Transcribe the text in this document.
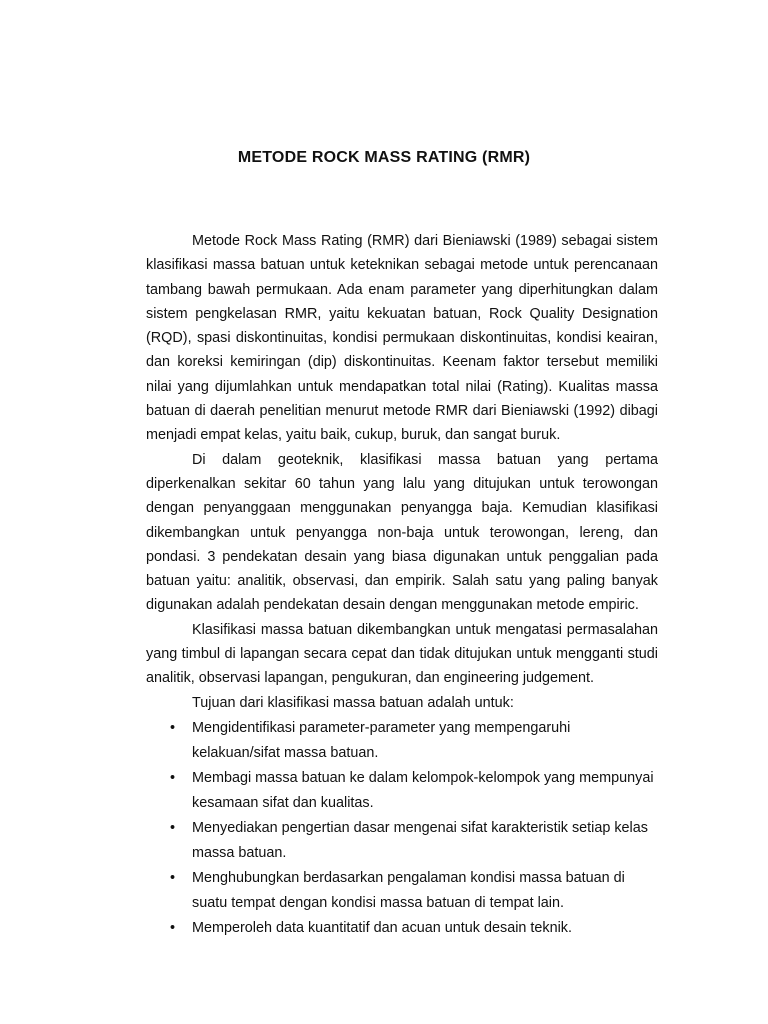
METODE ROCK MASS RATING (RMR)

Metode Rock Mass Rating (RMR) dari Bieniawski (1989) sebagai sistem klasifikasi massa batuan untuk keteknikan sebagai metode untuk perencanaan tambang bawah permukaan. Ada enam parameter yang diperhitungkan dalam sistem pengkelasan RMR, yaitu kekuatan batuan, Rock Quality Designation (RQD), spasi diskontinuitas, kondisi permukaan diskontinuitas, kondisi keairan, dan koreksi kemiringan (dip) diskontinuitas. Keenam faktor tersebut memiliki nilai yang dijumlahkan untuk mendapatkan total nilai (Rating). Kualitas massa batuan di daerah penelitian menurut metode RMR dari Bieniawski (1992) dibagi menjadi empat kelas, yaitu baik, cukup, buruk, dan sangat buruk.

Di dalam geoteknik, klasifikasi massa batuan yang pertama diperkenalkan sekitar 60 tahun yang lalu yang ditujukan untuk terowongan dengan penyanggaan menggunakan penyangga baja. Kemudian klasifikasi dikembangkan untuk penyangga non-baja untuk terowongan, lereng, dan pondasi. 3 pendekatan desain yang biasa digunakan untuk penggalian pada batuan yaitu: analitik, observasi, dan empirik. Salah satu yang paling banyak digunakan adalah pendekatan desain dengan menggunakan metode empiric.

Klasifikasi massa batuan dikembangkan untuk mengatasi permasalahan yang timbul di lapangan secara cepat dan tidak ditujukan untuk mengganti studi analitik, observasi lapangan, pengukuran, dan engineering judgement.

Tujuan dari klasifikasi massa batuan adalah untuk:

• Mengidentifikasi parameter-parameter yang mempengaruhi kelakuan/sifat massa batuan.
• Membagi massa batuan ke dalam kelompok-kelompok yang mempunyai kesamaan sifat dan kualitas.
• Menyediakan pengertian dasar mengenai sifat karakteristik setiap kelas massa batuan.
• Menghubungkan berdasarkan pengalaman kondisi massa batuan di suatu tempat dengan kondisi massa batuan di tempat lain.
• Memperoleh data kuantitatif dan acuan untuk desain teknik.
